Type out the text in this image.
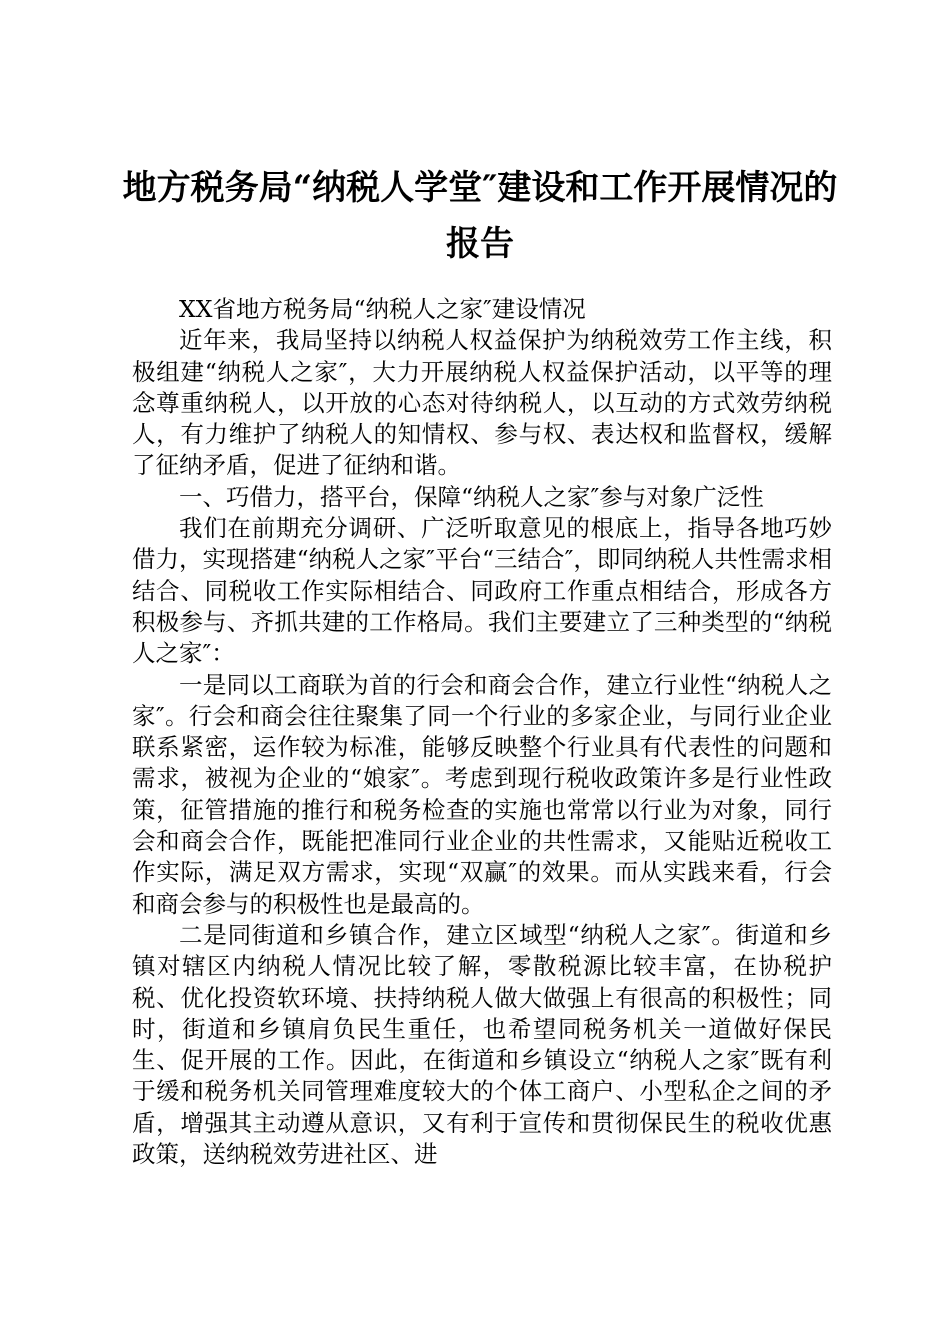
地方税务局“纳税人学堂″建设和工作开展情况的报告

XX省地方税务局“纳税人之家″建设情况

近年来，我局坚持以纳税人权益保护为纳税效劳工作主线，积极组建“纳税人之家″，大力开展纳税人权益保护活动，以平等的理念尊重纳税人，以开放的心态对待纳税人，以互动的方式效劳纳税人，有力维护了纳税人的知情权、参与权、表达权和监督权，缓解了征纳矛盾，促进了征纳和谐。

一、巧借力，搭平台，保障“纳税人之家″参与对象广泛性

我们在前期充分调研、广泛听取意见的根底上，指导各地巧妙借力，实现搭建“纳税人之家″平台“三结合″，即同纳税人共性需求相结合、同税收工作实际相结合、同政府工作重点相结合，形成各方积极参与、齐抓共建的工作格局。我们主要建立了三种类型的“纳税人之家″：

一是同以工商联为首的行会和商会合作，建立行业性“纳税人之家″。行会和商会往往聚集了同一个行业的多家企业，与同行业企业联系紧密，运作较为标准，能够反映整个行业具有代表性的问题和需求，被视为企业的“娘家″。考虑到现行税收政策许多是行业性政策，征管措施的推行和税务检查的实施也常常以行业为对象，同行会和商会合作，既能把准同行业企业的共性需求，又能贴近税收工作实际，满足双方需求，实现“双赢″的效果。而从实践来看，行会和商会参与的积极性也是最高的。

二是同街道和乡镇合作，建立区域型“纳税人之家″。街道和乡镇对辖区内纳税人情况比较了解，零散税源比较丰富，在协税护税、优化投资软环境、扶持纳税人做大做强上有很高的积极性；同时，街道和乡镇肩负民生重任，也希望同税务机关一道做好保民生、促开展的工作。因此，在街道和乡镇设立“纳税人之家″既有利于缓和税务机关同管理难度较大的个体工商户、小型私企之间的矛盾，增强其主动遵从意识，又有利于宣传和贯彻保民生的税收优惠政策，送纳税效劳进社区、进
